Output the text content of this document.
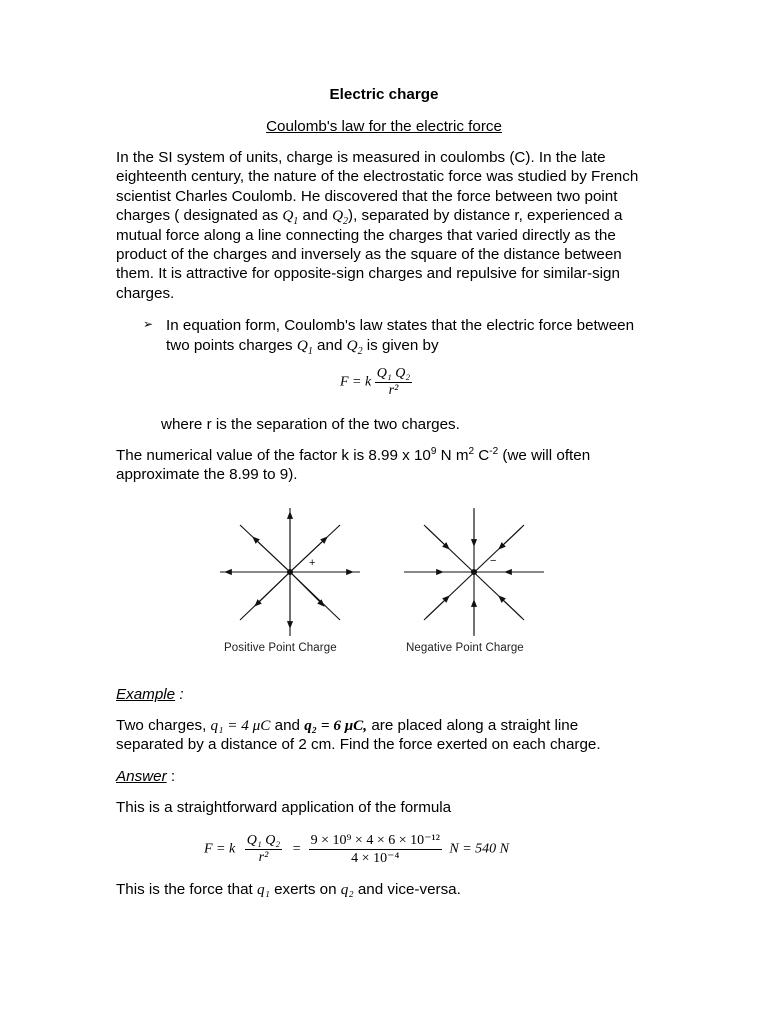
Electric charge
Coulomb's law for the electric force
In the SI system of units, charge is measured in coulombs (C). In the late
eighteenth century, the nature of the electrostatic force was studied by French
scientist Charles Coulomb. He discovered that the force between two point
charges ( designated as $Q_1$ and $Q_2$), separated by distance r, experienced a
mutual force along a line connecting the charges that varied directly as the
product of the charges and inversely as the square of the distance between
them. It is attractive for opposite-sign charges and repulsive for similar-sign
charges.
➢ In equation form, Coulomb's law states that the electric force between
two points charges $Q_1$ and $Q_2$ is given by
F = k $\frac{\text{Q₁ Q₂}}{\text{r²}}$
where r is the separation of the two charges.
The numerical value of the factor k is 8.99 x $10^9$ N $m^2$ $C^{-2}$ (we will often
approximate the 8.99 to 9).
+	−
Positive Point Charge	Negative Point Charge
Example :
Two charges, q₁ = 4 μC and q₂ = 6 μC, are placed along a straight line
separated by a distance of 2 cm. Find the force exerted on each charge.
Answer :
This is a straightforward application of the formula
F = k $\frac{\text{Q₁ Q₂}}{\text{r²}} = \frac{\text{9 × 10⁹ × 4 × 6 × 10⁻¹²}}{\text{4 × 10⁻⁴}}$ N = 540 N
This is the force that q₁ exerts on q₂ and vice-versa.
